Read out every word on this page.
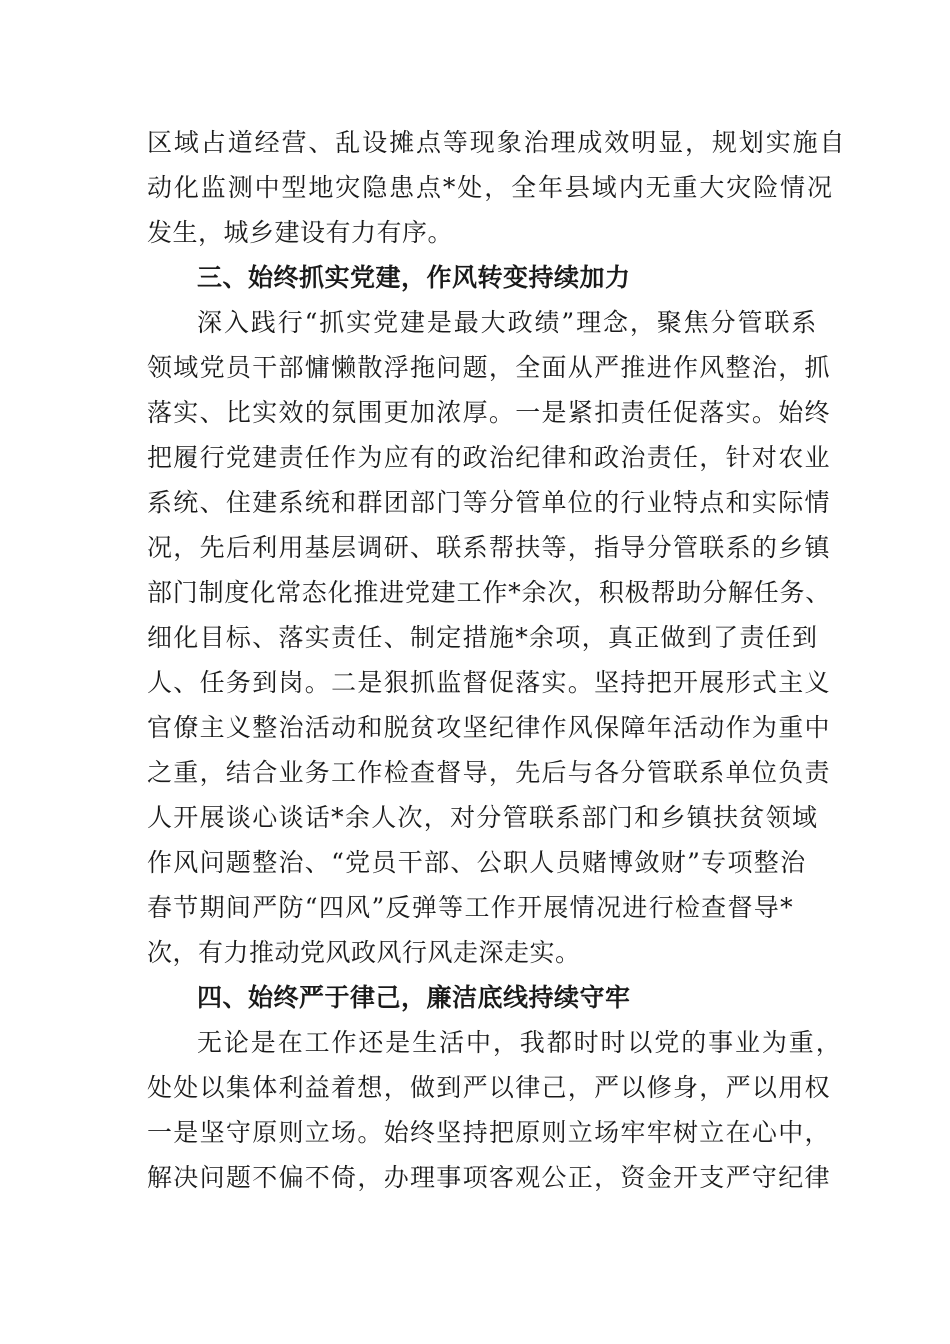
区域占道经营、乱设摊点等现象治理成效明显，规划实施自
动化监测中型地灾隐患点*处，全年县域内无重大灾险情况
发生，城乡建设有力有序。
三、始终抓实党建，作风转变持续加力
深入践行“抓实党建是最大政绩”理念，聚焦分管联系
领域党员干部慵懒散浮拖问题，全面从严推进作风整治，抓
落实、比实效的氛围更加浓厚。一是紧扣责任促落实。始终
把履行党建责任作为应有的政治纪律和政治责任，针对农业
系统、住建系统和群团部门等分管单位的行业特点和实际情
况，先后利用基层调研、联系帮扶等，指导分管联系的乡镇
部门制度化常态化推进党建工作*余次，积极帮助分解任务、
细化目标、落实责任、制定措施*余项，真正做到了责任到
人、任务到岗。二是狠抓监督促落实。坚持把开展形式主义
官僚主义整治活动和脱贫攻坚纪律作风保障年活动作为重中
之重，结合业务工作检查督导，先后与各分管联系单位负责
人开展谈心谈话*余人次，对分管联系部门和乡镇扶贫领域
作风问题整治、“党员干部、公职人员赌博敛财”专项整治
春节期间严防“四风”反弹等工作开展情况进行检查督导*
次，有力推动党风政风行风走深走实。
四、始终严于律己，廉洁底线持续守牢
无论是在工作还是生活中，我都时时以党的事业为重，
处处以集体利益着想，做到严以律己，严以修身，严以用权
一是坚守原则立场。始终坚持把原则立场牢牢树立在心中，
解决问题不偏不倚，办理事项客观公正，资金开支严守纪律
